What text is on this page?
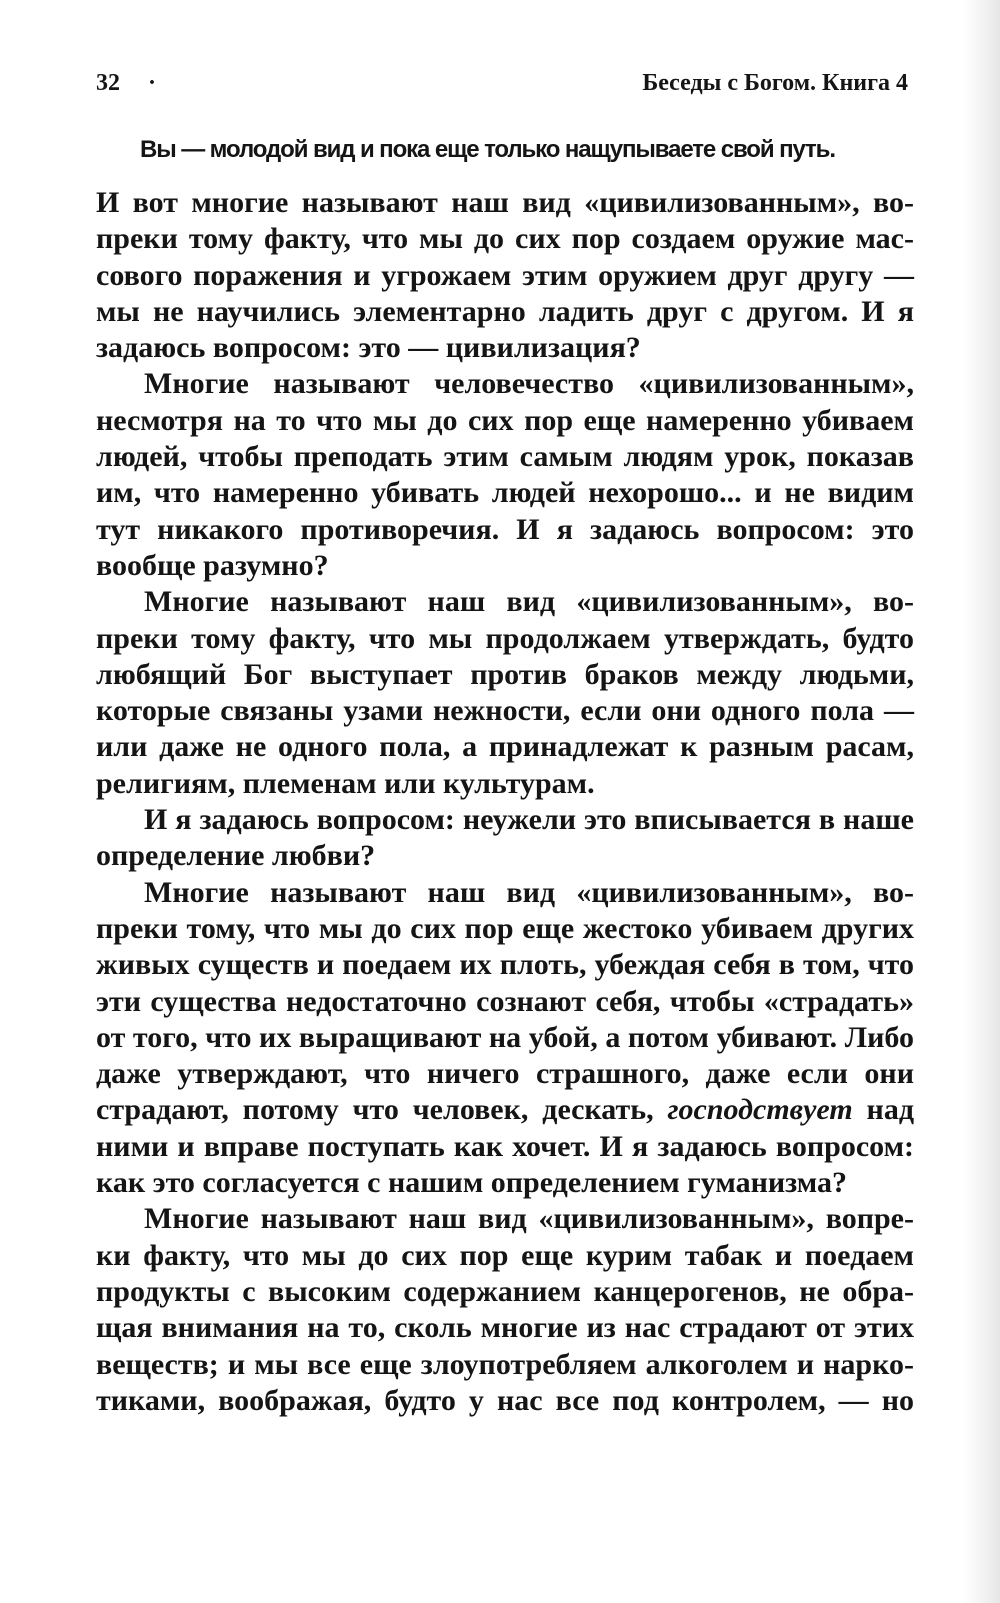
32 ·	Беседы с Богом. Книга 4

Вы — молодой вид и пока еще только нащупываете свой путь.

И вот многие называют наш вид «цивилизованным», вопреки тому факту, что мы до сих пор создаем оружие массового поражения и угрожаем этим оружием друг другу — мы не научились элементарно ладить друг с другом. И я задаюсь вопросом: это — цивилизация?

Многие называют человечество «цивилизованным», несмотря на то что мы до сих пор еще намеренно убиваем людей, чтобы преподать этим самым людям урок, показав им, что намеренно убивать людей нехорошо... и не видим тут никакого противоречия. И я задаюсь вопросом: это вообще разумно?

Многие называют наш вид «цивилизованным», вопреки тому факту, что мы продолжаем утверждать, будто любящий Бог выступает против браков между людьми, которые связаны узами нежности, если они одного пола — или даже не одного пола, а принадлежат к разным расам, религиям, племенам или культурам.

И я задаюсь вопросом: неужели это вписывается в наше определение любви?

Многие называют наш вид «цивилизованным», вопреки тому, что мы до сих пор еще жестоко убиваем других живых существ и поедаем их плоть, убеждая себя в том, что эти существа недостаточно сознают себя, чтобы «страдать» от того, что их выращивают на убой, а потом убивают. Либо даже утверждают, что ничего страшного, даже если они страдают, потому что человек, дескать, господствует над ними и вправе поступать как хочет. И я задаюсь вопросом: как это согласуется с нашим определением гуманизма?

Многие называют наш вид «цивилизованным», вопреки факту, что мы до сих пор еще курим табак и поедаем продукты с высоким содержанием канцерогенов, не обращая внимания на то, сколь многие из нас страдают от этих веществ; и мы все еще злоупотребляем алкоголем и наркотиками, воображая, будто у нас все под контролем, — но
